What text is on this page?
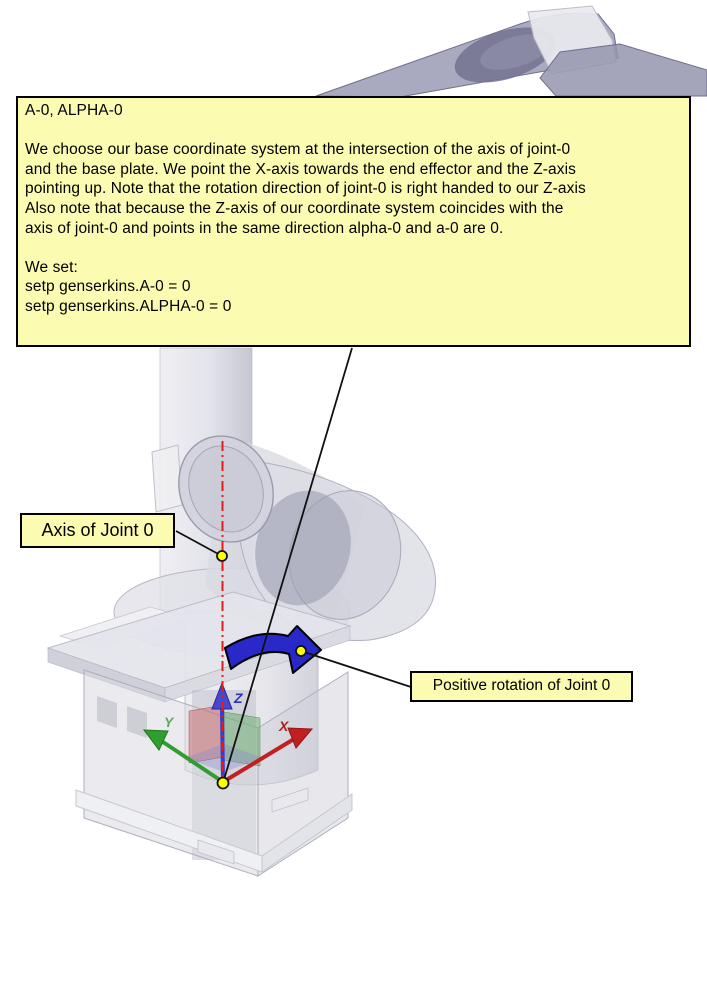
Z
Y	X
A-0, ALPHA-0
We choose our base coordinate system at the intersection of the axis of joint-0
and the base plate. We point the X-axis towards the end effector and the Z-axis
pointing up. Note that the rotation direction of joint-0 is right handed to our Z-axis
Also note that because the Z-axis of our coordinate system coincides with the
axis of joint-0 and points in the same direction alpha-0 and a-0 are 0.
We set:
setp genserkins.A-0 = 0
setp genserkins.ALPHA-0 = 0
Axis of Joint 0
Positive rotation of Joint 0
